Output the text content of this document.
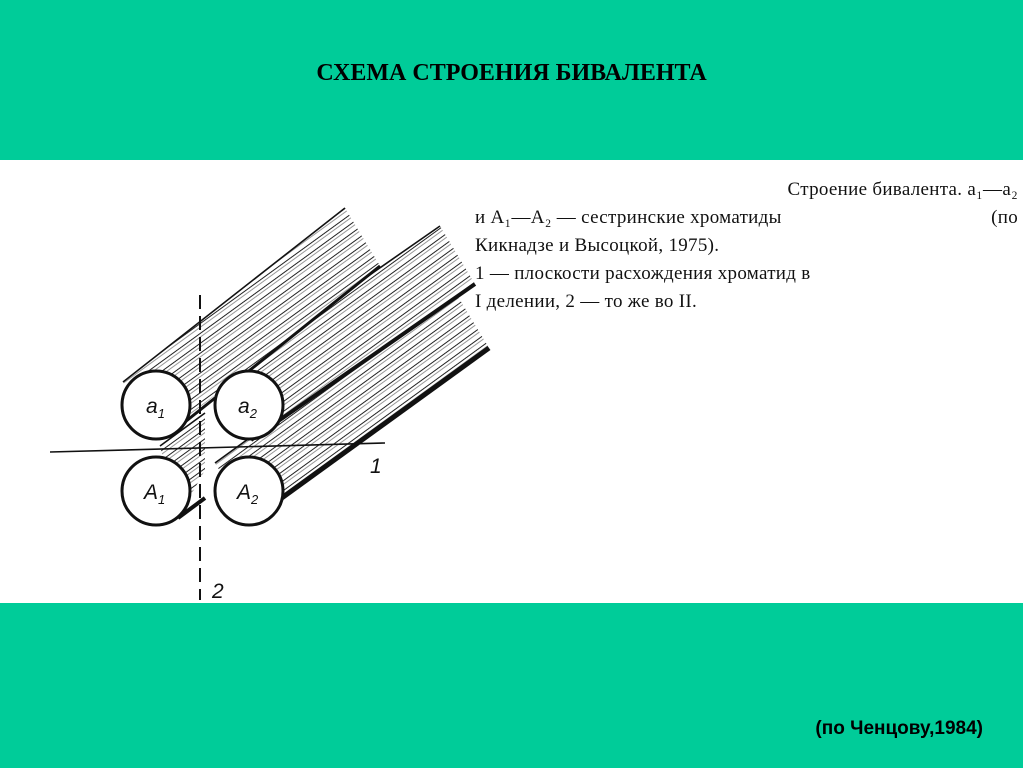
СХЕМА СТРОЕНИЯ БИВАЛЕНТА
$a_1$	$a_2$
$A_1$	$A_2$
1
2
Строение бивалента. а₁—а₂
и A₁—A₂ — сестринские хроматиды	(по
Кикнадзе и Высоцкой, 1975).
1 — плоскости расхождения хроматид в
I делении, 2 — то же во II.
(по Ченцову,1984)
